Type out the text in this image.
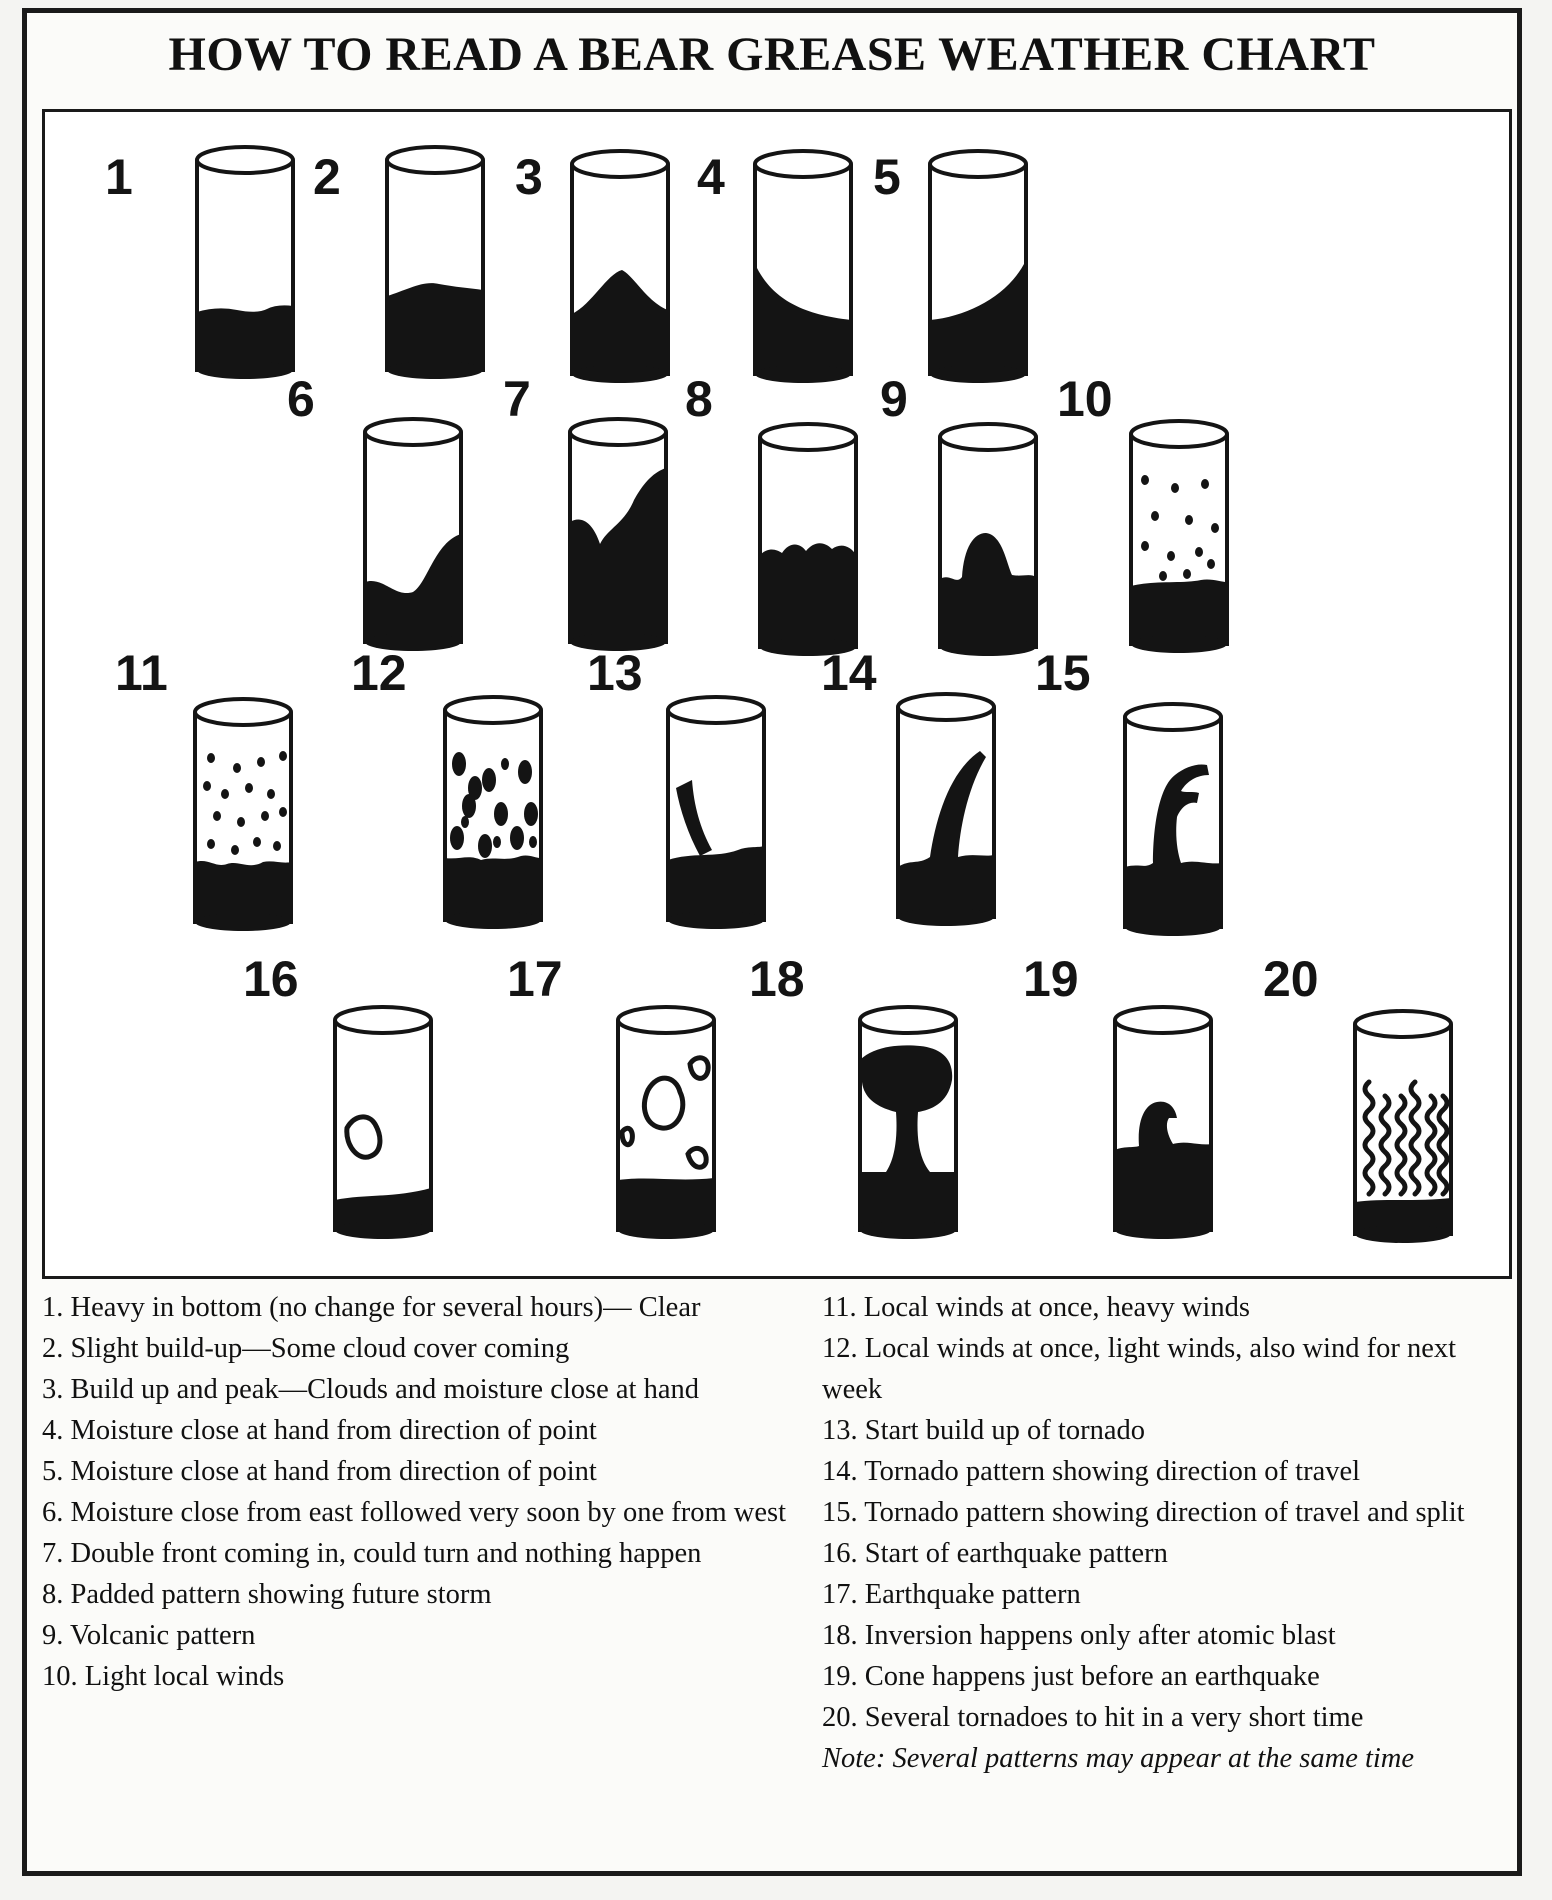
HOW TO READ A BEAR GREASE WEATHER CHART
1	2	3	4	5
6	7	8	9	10
11	12	13	14	15
16	17	18	19	20

1. Heavy in bottom (no change for several hours)— Clear

2. Slight build-up—Some cloud cover coming

3. Build up and peak—Clouds and moisture close at hand

4. Moisture close at hand from direction of point

5. Moisture close at hand from direction of point

6. Moisture close from east followed very soon by one from west

7. Double front coming in, could turn and nothing happen

8. Padded pattern showing future storm

9. Volcanic pattern

10. Light local winds

11. Local winds at once, heavy winds

12. Local winds at once, light winds, also wind for next week

13. Start build up of tornado

14. Tornado pattern showing direction of travel

15. Tornado pattern showing direction of travel and split

16. Start of earthquake pattern

17. Earthquake pattern

18. Inversion happens only after atomic blast

19. Cone happens just before an earthquake

20. Several tornadoes to hit in a very short time

Note: Several patterns may appear at the same time
